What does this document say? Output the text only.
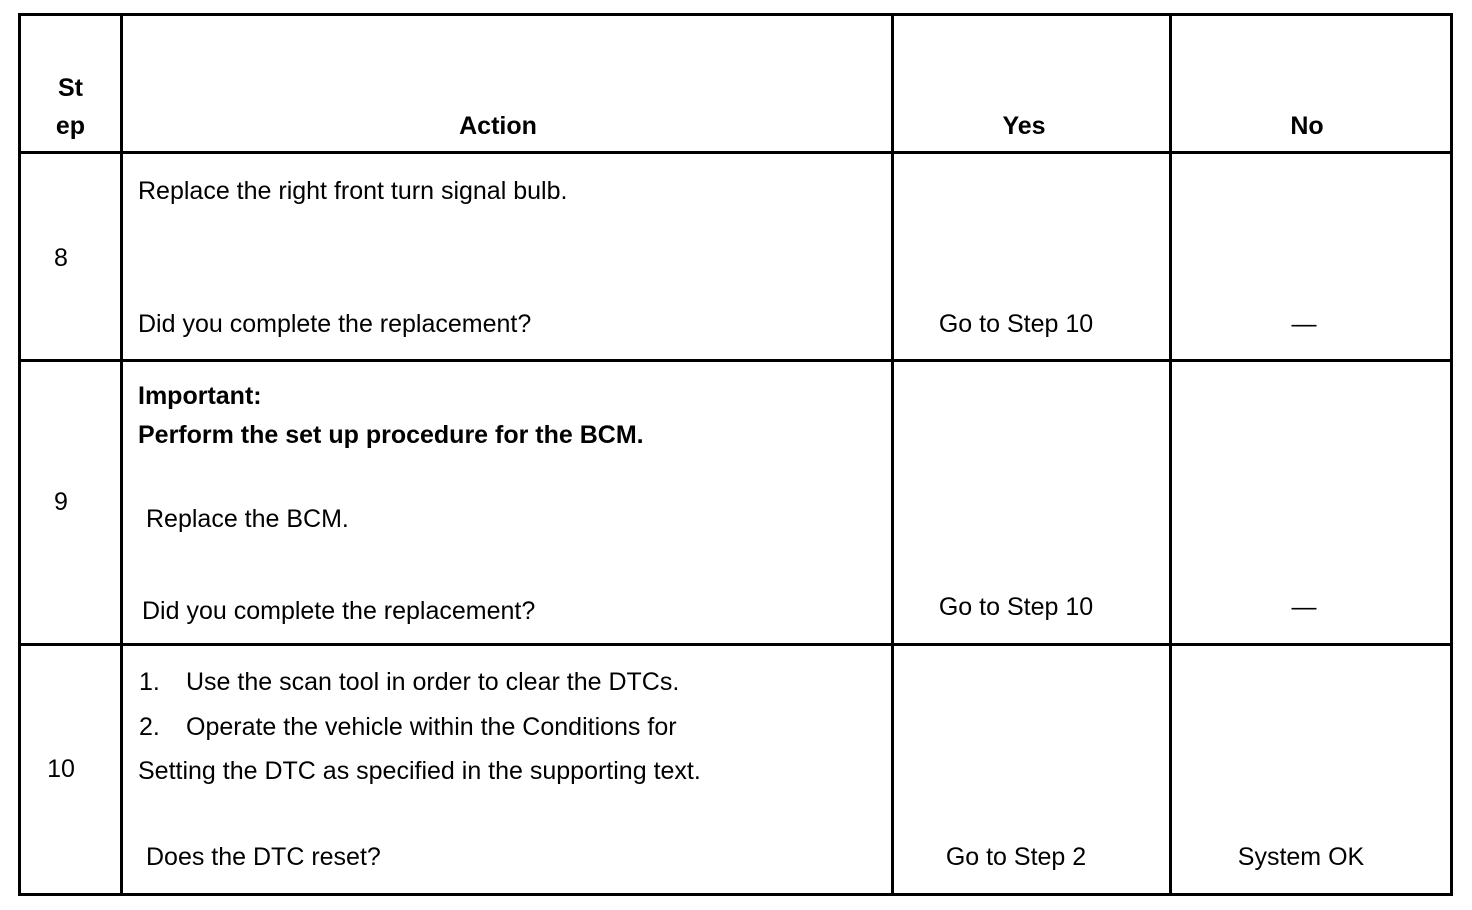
St
ep	Action	Yes	No
8
Replace the right front turn signal bulb.
Did you complete the replacement?	Go to Step 10	—
9
Important:
Perform the set up procedure for the BCM.
Replace the BCM.
Did you complete the replacement?	Go to Step 10	—
10
1. Use the scan tool in order to clear the DTCs.
2. Operate the vehicle within the Conditions for
Setting the DTC as specified in the supporting text.
Does the DTC reset?	Go to Step 2	System OK
